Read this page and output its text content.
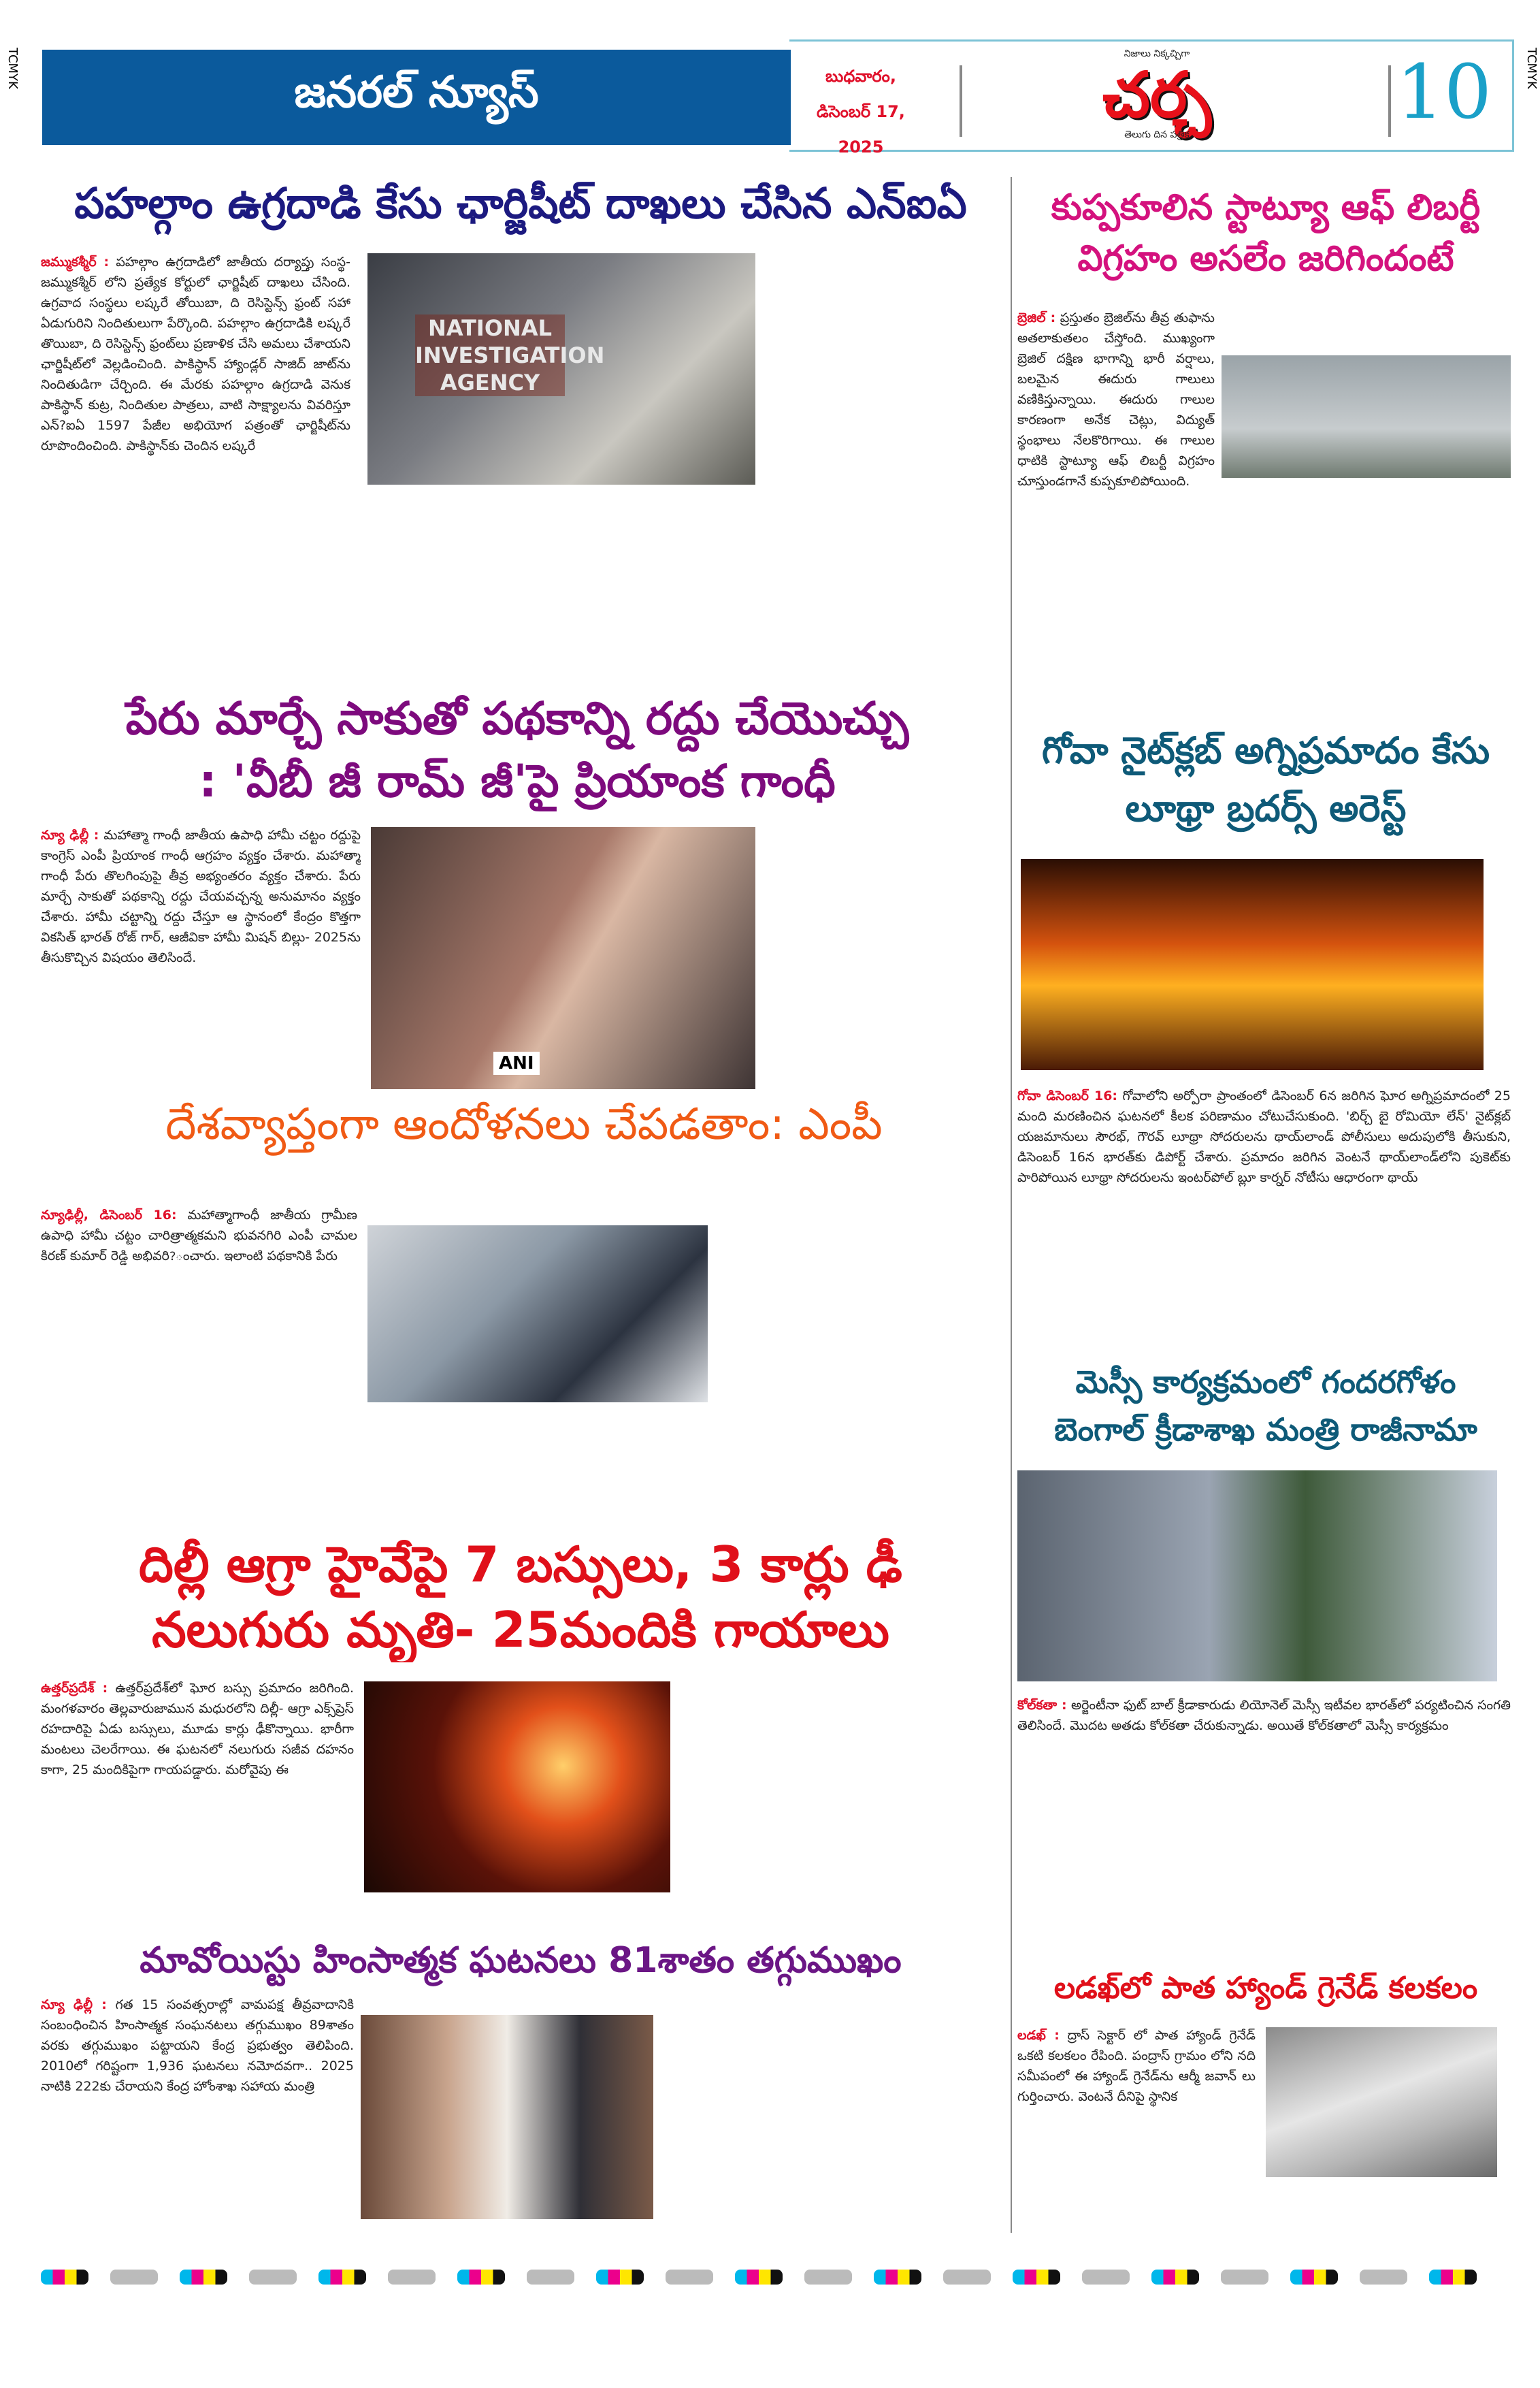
TCMYK	TCMYK
జనరల్ న్యూస్	బుధవారం,
డిసెంబర్ 17, 2025
నిజాలు నిక్కచ్చిగా
చర్చ
తెలుగు దిన పత్రిక	10
పహల్గాం ఉగ్రదాడి కేసు ఛార్జిషీట్ దాఖలు చేసిన ఎన్ఐఏ
జమ్ముకశ్మీర్ : పహల్గాం ఉగ్రదాడిలో జాతీయ దర్యాప్తు సంస్థ- జమ్ముకశ్మీర్ లోని ప్రత్యేక కోర్టులో ఛార్జిషీట్ దాఖలు చేసింది. ఉగ్రవాద సంస్థలు లష్కరే తోయిబా, ది రెసిస్టెన్స్ ఫ్రంట్ సహా ఏడుగురిని నిందితులుగా పేర్కొంది. పహల్గాం ఉగ్రదాడికి లష్కరే తొయిబా, ది రెసిస్టెన్స్ ఫ్రంట్‌లు ప్రణాళిక చేసి అమలు చేశాయని ఛార్జిషీట్‌లో వెల్లడించింది. పాకిస్థాన్ హ్యాండ్లర్ సాజిద్ జాట్‌ను నిందితుడిగా చేర్చింది. ఈ మేరకు పహల్గాం ఉగ్రదాడి వెనుక పాకిస్థాన్ కుట్ర, నిందితుల పాత్రలు, వాటి సాక్ష్యాలను వివరిస్తూ ఎన్?ఐఏ 1597 పేజీల అభియోగ పత్రంతో ఛార్జిషీట్‌ను రూపొందించింది. పాకిస్థాన్‌కు చెందిన లష్కరే
NATIONAL INVESTIGATION AGENCY
కుప్పకూలిన స్టాట్యూ ఆఫ్ లిబర్టీ విగ్రహం అసలేం జరిగిందంటే
బ్రెజిల్ : ప్రస్తుతం బ్రెజిల్‌ను తీవ్ర తుఫాను అతలాకుతలం చేస్తోంది. ముఖ్యంగా బ్రెజిల్ దక్షిణ భాగాన్ని భారీ వర్షాలు, బలమైన ఈదురు గాలులు వణికిస్తున్నాయి. ఈదురు గాలుల కారణంగా అనేక చెట్లు, విద్యుత్ స్థంభాలు నేలకొరిగాయి. ఈ గాలుల ధాటికి స్టాట్యూ ఆఫ్ లిబర్టీ విగ్రహం చూస్తుండగానే కుప్పకూలిపోయింది.
పేరు మార్చే సాకుతో పథకాన్ని రద్దు చేయొచ్చు
: 'వీబీ జీ రామ్ జీ'పై ప్రియాంక గాంధీ
న్యూ ఢిల్లీ : మహాత్మా గాంధీ జాతీయ ఉపాధి హామీ చట్టం రద్దుపై కాంగ్రెస్ ఎంపీ ప్రియాంక గాంధీ ఆగ్రహం వ్యక్తం చేశారు. మహాత్మా గాంధీ పేరు తొలగింపుపై తీవ్ర అభ్యంతరం వ్యక్తం చేశారు. పేరు మార్చే సాకుతో పథకాన్ని రద్దు చేయవచ్చన్న అనుమానం వ్యక్తం చేశారు. హామీ చట్టాన్ని రద్దు చేస్తూ ఆ స్థానంలో కేంద్రం కొత్తగా వికసిత్ భారత్ రోజ్ గార్, ఆజీవికా హామీ మిషన్ బిల్లు- 2025ను తీసుకొచ్చిన విషయం తెలిసిందే.
ANI
గోవా నైట్‌క్లబ్ అగ్నిప్రమాదం కేసు లూథ్రా బ్రదర్స్ అరెస్ట్
గోవా డిసెంబర్ 16: గోవాలోని అర్పోరా ప్రాంతంలో డిసెంబర్ 6న జరిగిన ఘోర అగ్నిప్రమాదంలో 25 మంది మరణించిన ఘటనలో కీలక పరిణామం చోటుచేసుకుంది. 'బిర్చ్ బై రోమియో లేన్' నైట్‌క్లబ్ యజమానులు సౌరభ్, గౌరవ్ లూథ్రా సోదరులను థాయ్‌లాండ్ పోలీసులు అదుపులోకి తీసుకుని, డిసెంబర్ 16న భారత్‌కు డిపోర్ట్ చేశారు. ప్రమాదం జరిగిన వెంటనే థాయ్‌లాండ్‌లోని పుకెట్‌కు పారిపోయిన లూథ్రా సోదరులను ఇంటర్‌పోల్ బ్లూ కార్నర్ నోటీసు ఆధారంగా థాయ్
దేశవ్యాప్తంగా ఆందోళనలు చేపడతాం: ఎంపీ
న్యూఢిల్లీ, డిసెంబర్ 16: మహాత్మాగాంధీ జాతీయ గ్రామీణ ఉపాధి హామీ చట్టం చారిత్రాత్మకమని భువనగిరి ఎంపీ చామల కిరణ్ కుమార్ రెడ్డి అభివరి?ంచారు. ఇలాంటి పథకానికి పేరు
మెస్సీ కార్యక్రమంలో గందరగోళం
బెంగాల్ క్రీడాశాఖ మంత్రి రాజీనామా
కోల్‌కతా : అర్జెంటీనా ఫుట్ బాల్ క్రీడాకారుడు లియోనెల్ మెస్సీ ఇటీవల భారత్‌లో పర్యటించిన సంగతి తెలిసిందే. మొదట అతడు కోల్‌కతా చేరుకున్నాడు. అయితే కోల్‌కతాలో మెస్సీ కార్యక్రమం
దిల్లీ ఆగ్రా హైవేపై 7 బస్సులు, 3 కార్లు ఢీ
నలుగురు మృతి- 25మందికి గాయాలు
ఉత్తర్‌ప్రదేశ్ : ఉత్తర్‌ప్రదేశ్‌లో ఘోర బస్సు ప్రమాదం జరిగింది. మంగళవారం తెల్లవారుజామున మధురలోని దిల్లీ- ఆగ్రా ఎక్స్‌ప్రెస్ రహదారిపై ఏడు బస్సులు, మూడు కార్లు ఢీకొన్నాయి. భారీగా మంటలు చెలరేగాయి. ఈ ఘటనలో నలుగురు సజీవ దహనం కాగా, 25 మందికిపైగా గాయపడ్డారు. మరోవైపు ఈ
మావోయిస్టు హింసాత్మక ఘటనలు 81శాతం తగ్గుముఖం
న్యూ ఢిల్లీ : గత 15 సంవత్సరాల్లో వామపక్ష తీవ్రవాదానికి సంబంధించిన హింసాత్మక సంఘనటలు తగ్గుముఖం 89శాతం వరకు తగ్గుముఖం పట్టాయని కేంద్ర ప్రభుత్వం తెలిపింది. 2010లో గరిష్టంగా 1,936 ఘటనలు నమోదవగా.. 2025 నాటికి 222కు చేరాయని కేంద్ర హోంశాఖ సహాయ మంత్రి
లడఖ్‌లో పాత హ్యాండ్ గ్రెనేడ్ కలకలం
లడఖ్ : ద్రాస్ సెక్టార్ లో పాత హ్యాండ్ గ్రెనేడ్ ఒకటి కలకలం రేపింది. పంద్రాస్ గ్రామం లోని నది సమీపంలో ఈ హ్యాండ్ గ్రెనేడ్‌ను ఆర్మీ జవాన్ లు గుర్తించారు. వెంటనే దీనిపై స్థానిక
